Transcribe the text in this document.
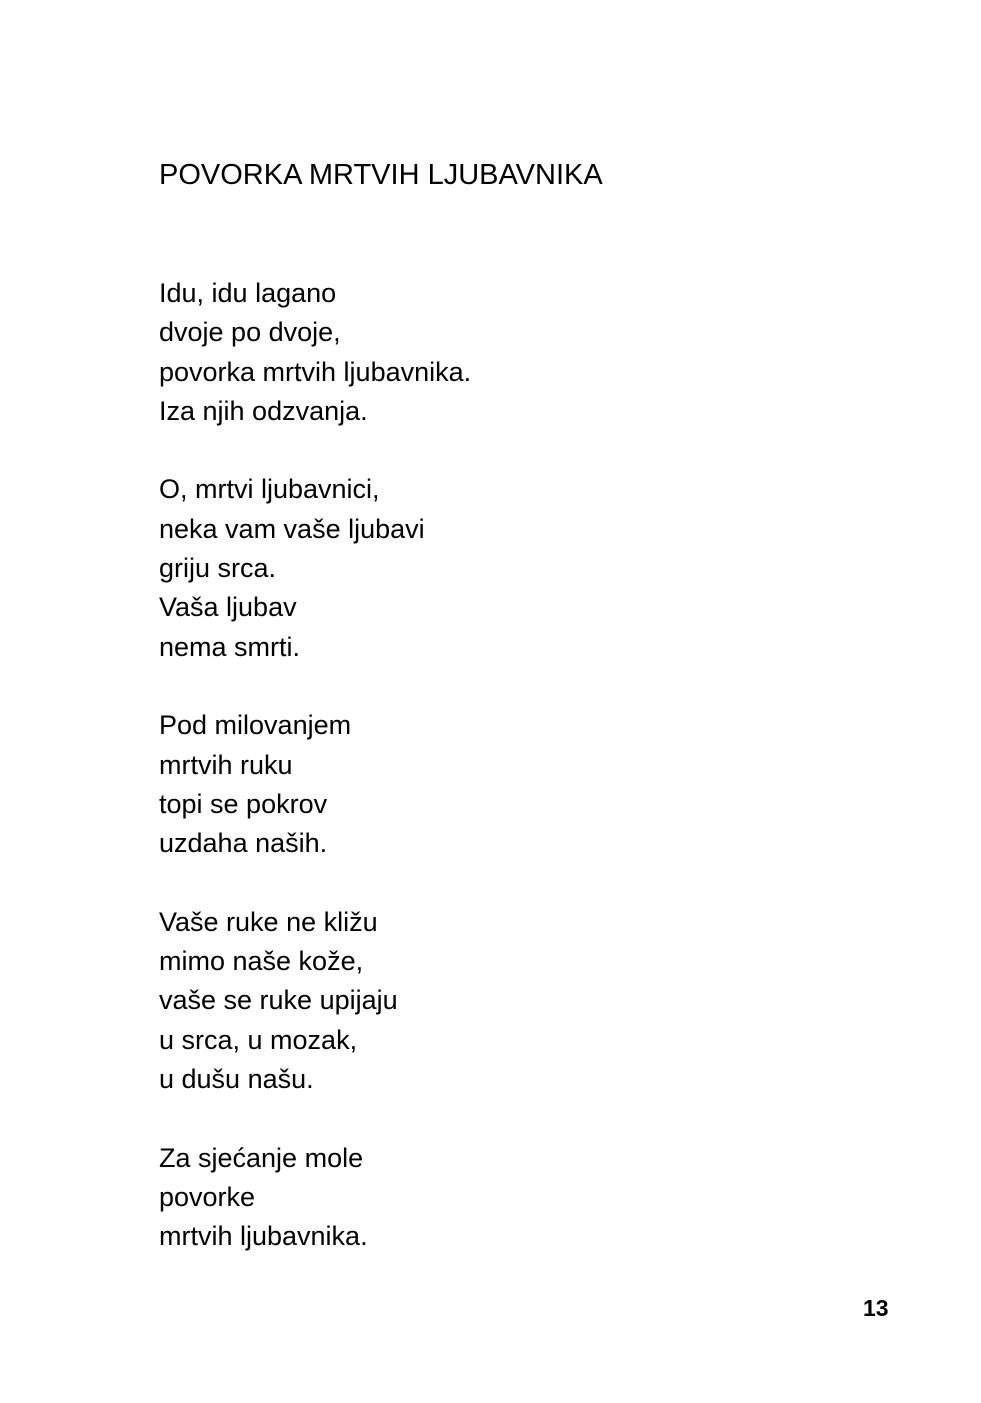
POVORKA MRTVIH LJUBAVNIKA
Idu, idu lagano
dvoje po dvoje,
povorka mrtvih ljubavnika.
Iza njih odzvanja.
O, mrtvi ljubavnici,
neka vam vaše ljubavi
griju srca.
Vaša ljubav
nema smrti.
Pod milovanjem
mrtvih ruku
topi se pokrov
uzdaha naših.
Vaše ruke ne kližu
mimo naše kože,
vaše se ruke upijaju
u srca, u mozak,
u dušu našu.
Za sjećanje mole
povorke
mrtvih ljubavnika.
13
